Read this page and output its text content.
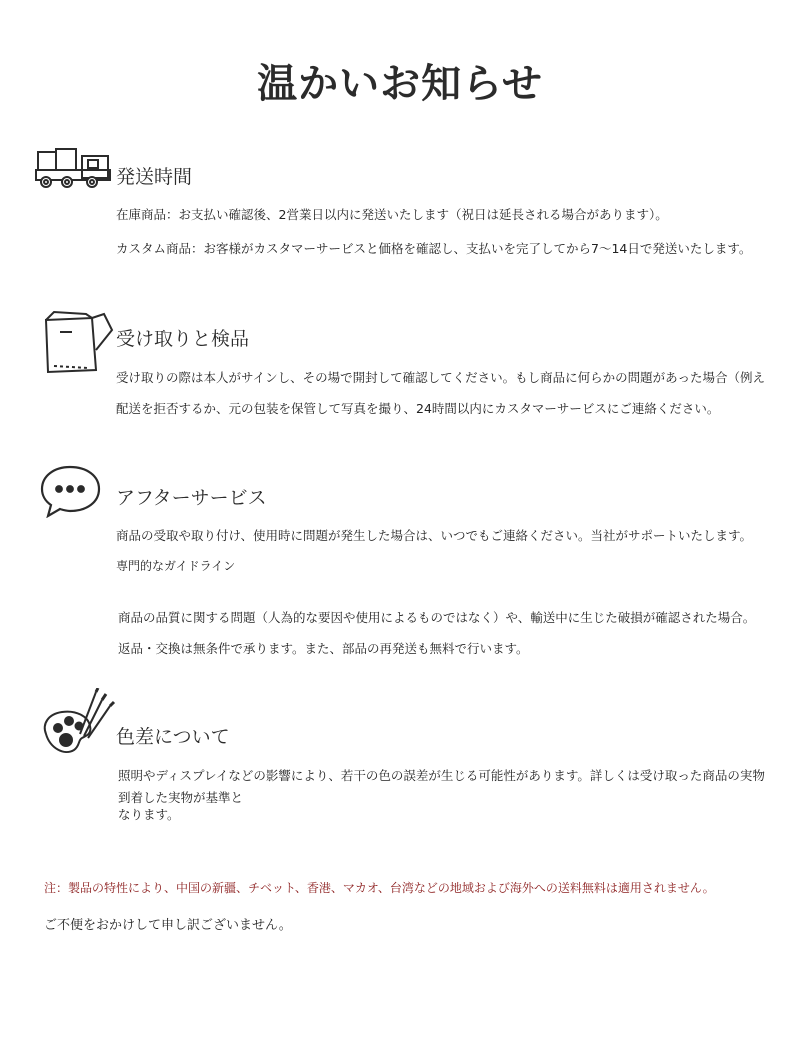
温かいお知らせ
発送時間
在庫商品：お支払い確認後、2営業日以内に発送いたします（祝日は延長される場合があります）。
カスタム商品：お客様がカスタマーサービスと価格を確認し、支払いを完了してから7～14日で発送いたします。
受け取りと検品
受け取りの際は本人がサインし、その場で開封して確認してください。もし商品に何らかの問題があった場合（例え
配送を拒否するか、元の包装を保管して写真を撮り、24時間以内にカスタマーサービスにご連絡ください。
アフターサービス
商品の受取や取り付け、使用時に問題が発生した場合は、いつでもご連絡ください。当社がサポートいたします。
専門的なガイドライン
商品の品質に関する問題（人為的な要因や使用によるものではなく）や、輸送中に生じた破損が確認された場合。
返品・交換は無条件で承ります。また、部品の再発送も無料で行います。
色差について
照明やディスプレイなどの影響により、若干の色の誤差が生じる可能性があります。詳しくは受け取った商品の実物
到着した実物が基準と
なります。
注：製品の特性により、中国の新疆、チベット、香港、マカオ、台湾などの地域および海外への送料無料は適用されません。
ご不便をおかけして申し訳ございません。
